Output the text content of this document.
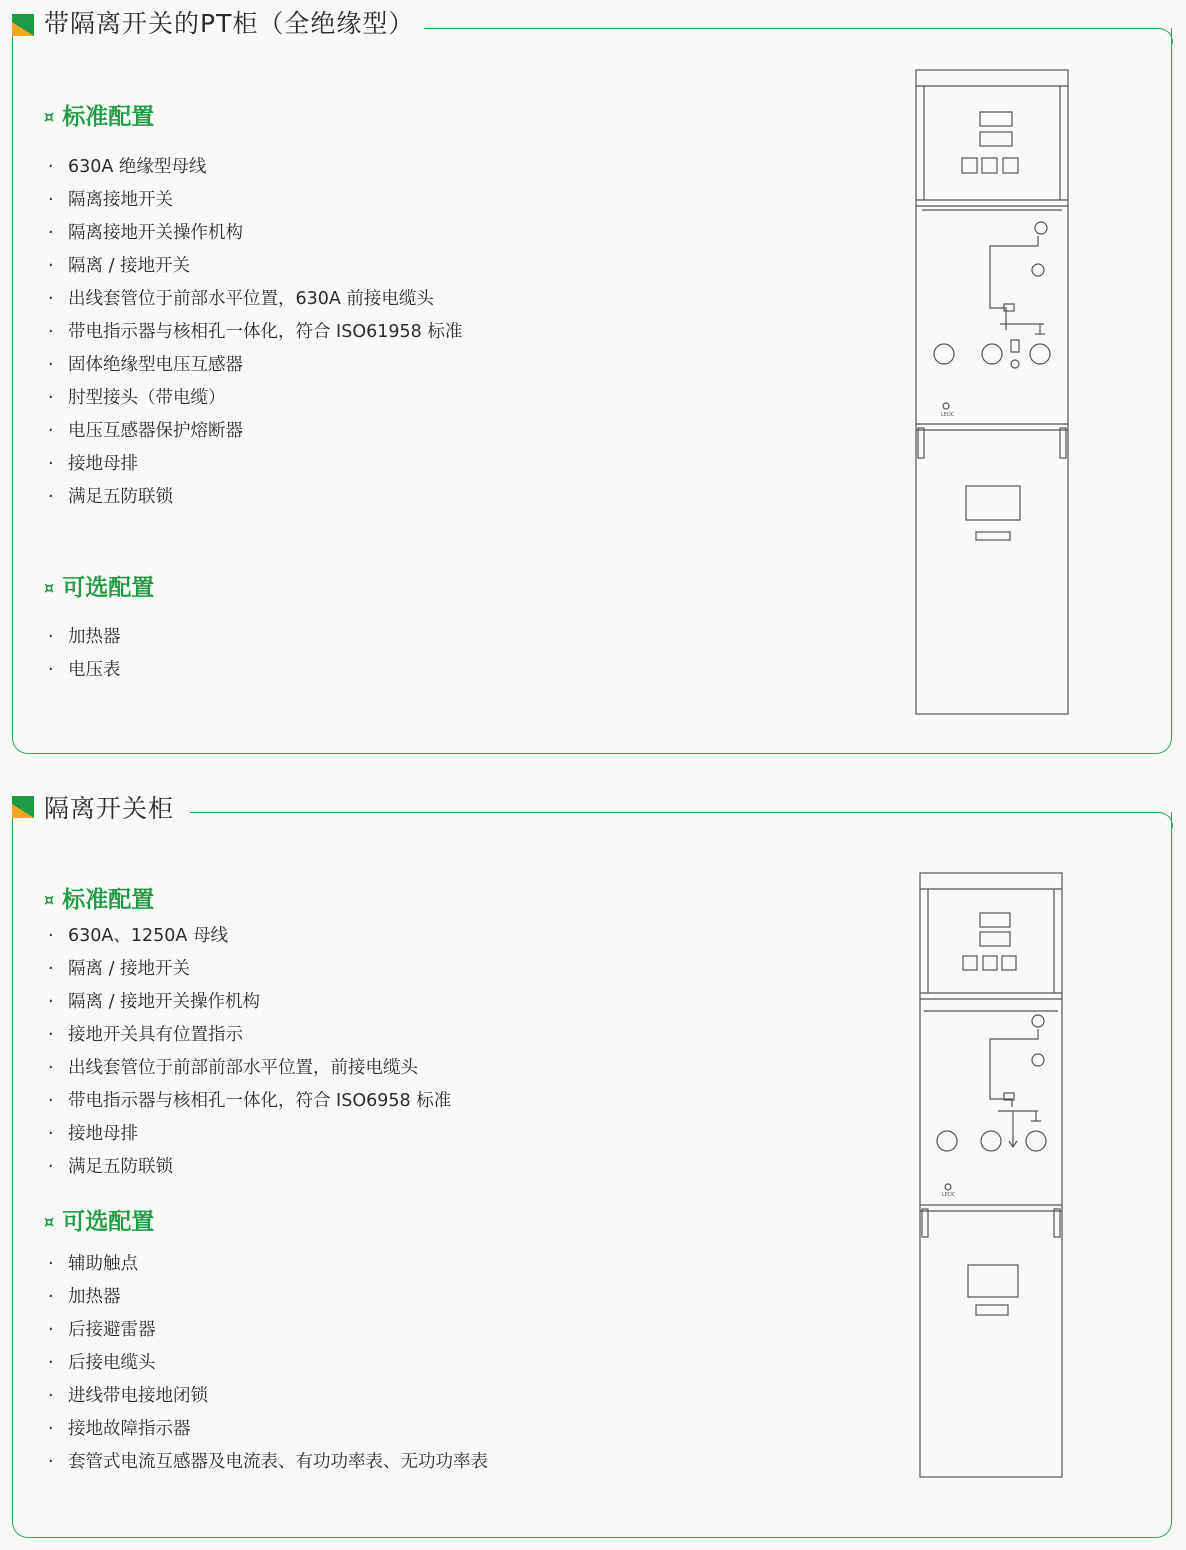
带隔离开关的PT柜（全绝缘型）
¤ 标准配置
· 630A 绝缘型母线
· 隔离接地开关
· 隔离接地开关操作机构
· 隔离 / 接地开关
· 出线套管位于前部水平位置，630A 前接电缆头
· 带电指示器与核相孔一体化，符合 ISO61958 标准
· 固体绝缘型电压互感器
· 肘型接头（带电缆）
· 电压互感器保护熔断器
· 接地母排
· 满足五防联锁
¤ 可选配置
· 加热器
· 电压表
LEDC
隔离开关柜
¤ 标准配置
· 630A、1250A 母线
· 隔离 / 接地开关
· 隔离 / 接地开关操作机构
· 接地开关具有位置指示
· 出线套管位于前部前部水平位置，前接电缆头
· 带电指示器与核相孔一体化，符合 ISO6958 标准
· 接地母排
· 满足五防联锁
¤ 可选配置
· 辅助触点
· 加热器
· 后接避雷器
· 后接电缆头
· 进线带电接地闭锁
· 接地故障指示器
· 套管式电流互感器及电流表、有功功率表、无功功率表
LEDC
